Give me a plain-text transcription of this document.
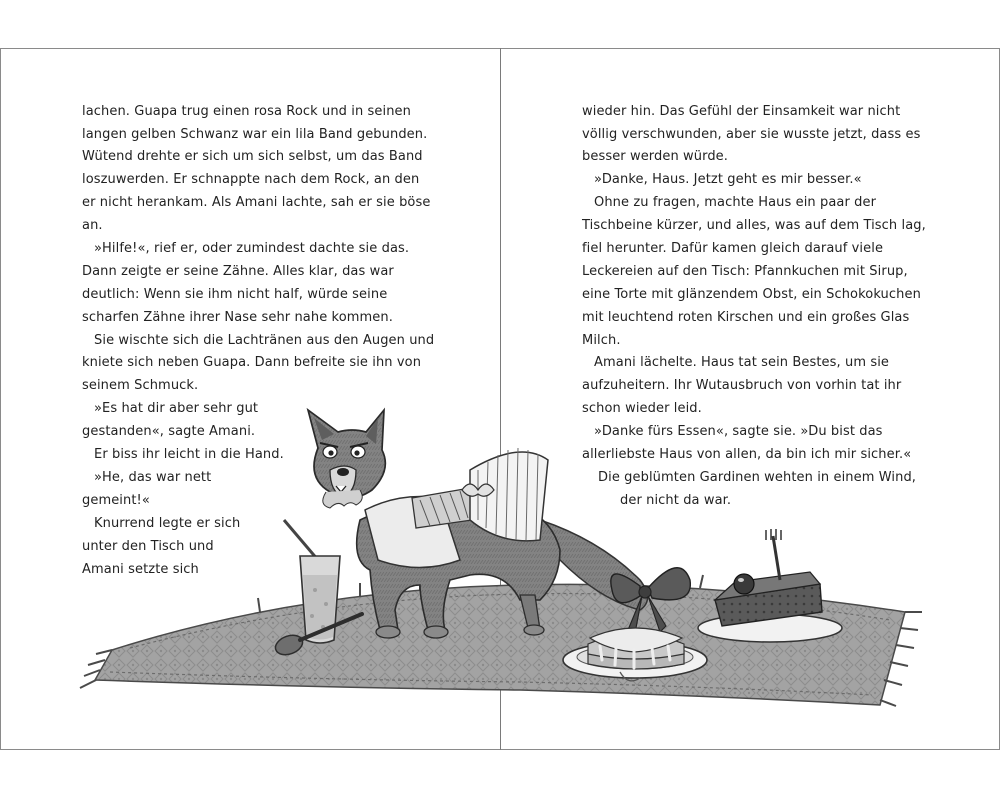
lachen. Guapa trug einen rosa Rock und in seinen

langen gelben Schwanz war ein lila Band gebunden.

Wütend drehte er sich um sich selbst, um das Band

loszuwerden. Er schnappte nach dem Rock, an den

er nicht herankam. Als Amani lachte, sah er sie böse

an.

»Hilfe!«, rief er, oder zumindest dachte sie das.

Dann zeigte er seine Zähne. Alles klar, das war

deutlich: Wenn sie ihm nicht half, würde seine

scharfen Zähne ihrer Nase sehr nahe kommen.

Sie wischte sich die Lachtränen aus den Augen und

kniete sich neben Guapa. Dann befreite sie ihn von

seinem Schmuck.

»Es hat dir aber sehr gut

gestanden«, sagte Amani.

Er biss ihr leicht in die Hand.

»He, das war nett

gemeint!«

Knurrend legte er sich

unter den Tisch und

Amani setzte sich

wieder hin. Das Gefühl der Einsamkeit war nicht

völlig verschwunden, aber sie wusste jetzt, dass es

besser werden würde.

»Danke, Haus. Jetzt geht es mir besser.«

Ohne zu fragen, machte Haus ein paar der

Tischbeine kürzer, und alles, was auf dem Tisch lag,

fiel herunter. Dafür kamen gleich darauf viele

Leckereien auf den Tisch: Pfannkuchen mit Sirup,

eine Torte mit glänzendem Obst, ein Schokokuchen

mit leuchtend roten Kirschen und ein großes Glas

Milch.

Amani lächelte. Haus tat sein Bestes, um sie

aufzuheitern. Ihr Wutausbruch von vorhin tat ihr

schon wieder leid.

»Danke fürs Essen«, sagte sie. »Du bist das

allerliebste Haus von allen, da bin ich mir sicher.«

Die geblümten Gardinen wehten in einem Wind,

der nicht da war.
